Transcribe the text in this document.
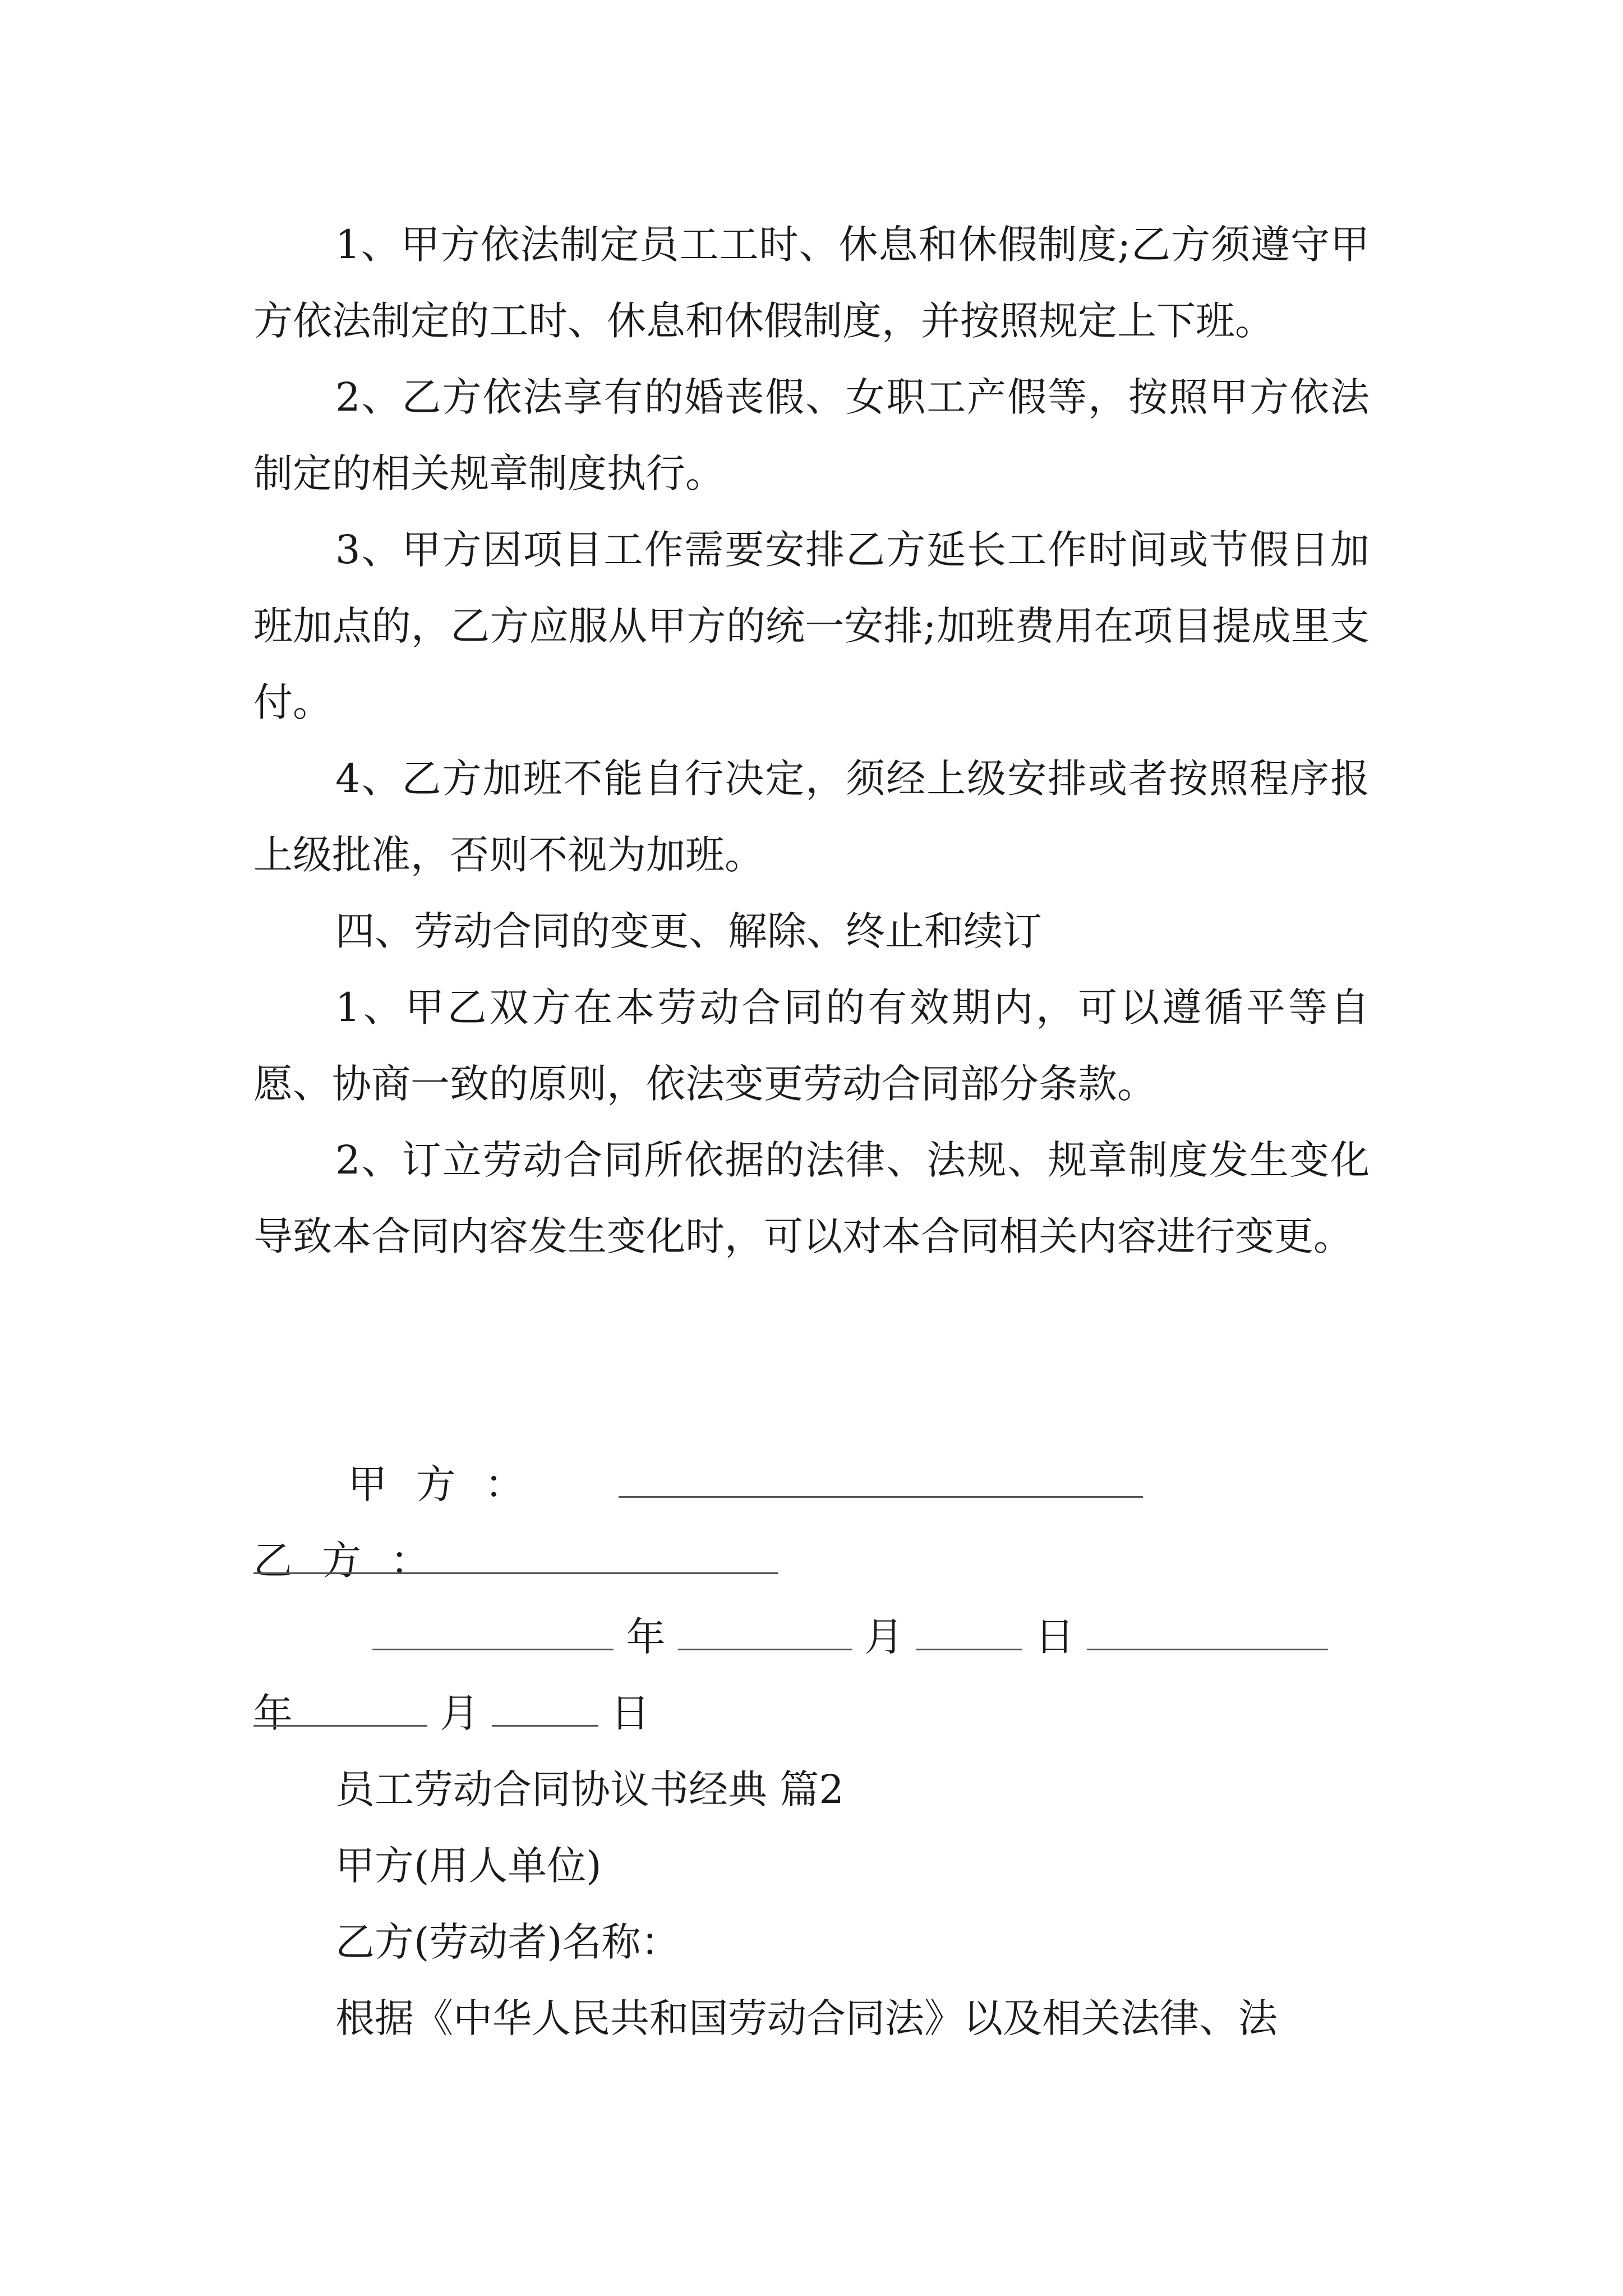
1、甲方依法制定员工工时、休息和休假制度;乙方须遵守甲方依法制定的工时、休息和休假制度，并按照规定上下班。

2、乙方依法享有的婚丧假、女职工产假等，按照甲方依法制定的相关规章制度执行。

3、甲方因项目工作需要安排乙方延长工作时间或节假日加班加点的，乙方应服从甲方的统一安排;加班费用在项目提成里支付。

4、乙方加班不能自行决定，须经上级安排或者按照程序报上级批准，否则不视为加班。

四、劳动合同的变更、解除、终止和续订

1、甲乙双方在本劳动合同的有效期内，可以遵循平等自愿、协商一致的原则，依法变更劳动合同部分条款。

2、订立劳动合同所依据的法律、法规、规章制度发生变化导致本合同内容发生变化时，可以对本合同相关内容进行变更。

甲方：   乙方：
年	月	日  年	月	日

员工劳动合同协议书经典 篇2

甲方(用人单位)

乙方(劳动者)名称：

根据《中华人民共和国劳动合同法》以及相关法律、法
